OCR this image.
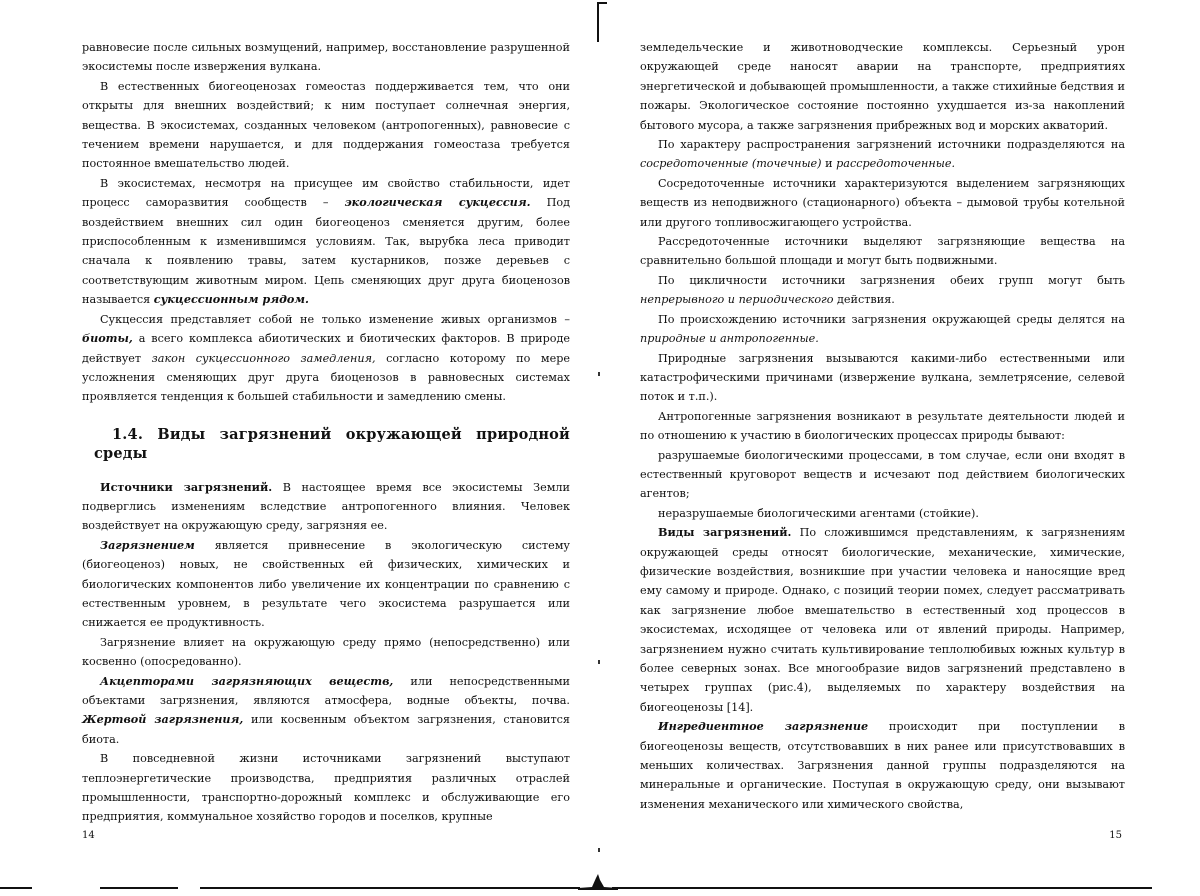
равновесие после сильных возмущений, например, восстановление разрушенной экосистемы после извержения вулкана.

В естественных биогеоценозах гомеостаз поддерживается тем, что они открыты для внешних воздействий; к ним поступает солнечная энергия, вещества. В экосистемах, созданных человеком (антропогенных), равновесие с течением времени нарушается, и для поддержания гомеостаза требуется постоянное вмешательство людей.

В экосистемах, несмотря на присущее им свойство стабильности, идет процесс саморазвития сообществ – экологическая сукцессия. Под воздействием внешних сил один биогеоценоз сменяется другим, более приспособленным к изменившимся условиям. Так, вырубка леса приводит сначала к появлению травы, затем кустарников, позже деревьев с соответствующим животным миром. Цепь сменяющих друг друга биоценозов называется сукцессионным рядом.

Сукцессия представляет собой не только изменение живых организмов – биоты, а всего комплекса абиотических и биотических факторов. В природе действует закон сукцессионного замедления, согласно которому по мере усложнения сменяющих друг друга биоценозов в равновесных системах проявляется тенденция к большей стабильности и замедлению смены.

1.4. Виды загрязнений окружающей природной среды

Источники загрязнений. В настоящее время все экосистемы Земли подверглись изменениям вследствие антропогенного влияния. Человек воздействует на окружающую среду, загрязняя ее.

Загрязнением является привнесение в экологическую систему (биогеоценоз) новых, не свойственных ей физических, химических и биологических компонентов либо увеличение их концентрации по сравнению с естественным уровнем, в результате чего экосистема разрушается или снижается ее продуктивность.

Загрязнение влияет на окружающую среду прямо (непосредственно) или косвенно (опосредованно).

Акцепторами загрязняющих веществ, или непосредственными объектами загрязнения, являются атмосфера, водные объекты, почва. Жертвой загрязнения, или косвенным объектом загрязнения, становится биота.

В повседневной жизни источниками загрязнений выступают теплоэнергетические производства, предприятия различных отраслей промышленности, транспортно-дорожный комплекс и обслуживающие его предприятия, коммунальное хозяйство городов и поселков, крупные

14

земледельческие и животноводческие комплексы. Серьезный урон окружающей среде наносят аварии на транспорте, предприятиях энергетической и добывающей промышленности, а также стихийные бедствия и пожары. Экологическое состояние постоянно ухудшается из-за накоплений бытового мусора, а также загрязнения прибрежных вод и морских акваторий.

По характеру распространения загрязнений источники подразделяются на сосредоточенные (точечные) и рассредоточенные.

Сосредоточенные источники характеризуются выделением загрязняющих веществ из неподвижного (стационарного) объекта – дымовой трубы котельной или другого топливосжигающего устройства.

Рассредоточенные источники выделяют загрязняющие вещества на сравнительно большой площади и могут быть подвижными.

По цикличности источники загрязнения обеих групп могут быть непрерывного и периодического действия.

По происхождению источники загрязнения окружающей среды делятся на природные и антропогенные.

Природные загрязнения вызываются какими-либо естественными или катастрофическими причинами (извержение вулкана, землетрясение, селевой поток и т.п.).

Антропогенные загрязнения возникают в результате деятельности людей и по отношению к участию в биологических процессах природы бывают:

разрушаемые биологическими процессами, в том случае, если они входят в естественный круговорот веществ и исчезают под действием биологических агентов;

неразрушаемые биологическими агентами (стойкие).

Виды загрязнений. По сложившимся представлениям, к загрязнениям окружающей среды относят биологические, механические, химические, физические воздействия, возникшие при участии человека и наносящие вред ему самому и природе. Однако, с позиций теории помех, следует рассматривать как загрязнение любое вмешательство в естественный ход процессов в экосистемах, исходящее от человека или от явлений природы. Например, загрязнением нужно считать культивирование теплолюбивых южных культур в более северных зонах. Все многообразие видов загрязнений представлено в четырех группах (рис.4), выделяемых по характеру воздействия на биогеоценозы [14].

Ингредиентное загрязнение происходит при поступлении в биогеоценозы веществ, отсутствовавших в них ранее или присутствовавших в меньших количествах. Загрязнения данной группы подразделяются на минеральные и органические. Поступая в окружающую среду, они вызывают изменения механического или химического свойства,

15
